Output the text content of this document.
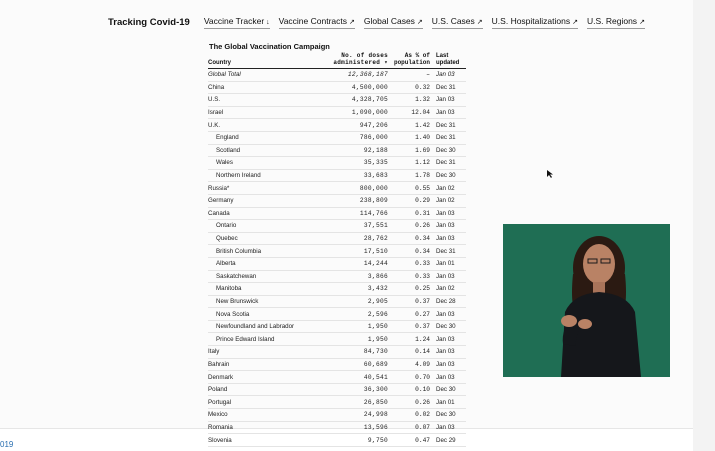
Tracking Covid-19 Vaccine Tracker ↓ Vaccine Contracts ↗ Global Cases ↗ U.S. Cases ↗ U.S. Hospitalizations ↗ U.S. Regions ↗
The Global Vaccination Campaign
Country	No. of doses administered ▾	As % of population	Last updated
Global Total	12,368,187	–	Jan 03
China	4,500,000	0.32	Dec 31
U.S.	4,328,705	1.32	Jan 03
Israel	1,090,000	12.04	Jan 03
U.K.	947,206	1.42	Dec 31
England	786,000	1.40	Dec 31
Scotland	92,188	1.69	Dec 30
Wales	35,335	1.12	Dec 31
Northern Ireland	33,683	1.78	Dec 30
Russia*	800,000	0.55	Jan 02
Germany	238,809	0.29	Jan 02
Canada	114,766	0.31	Jan 03
Ontario	37,551	0.26	Jan 03
Quebec	28,762	0.34	Jan 03
British Columbia	17,510	0.34	Dec 31
Alberta	14,244	0.33	Jan 01
Saskatchewan	3,866	0.33	Jan 03
Manitoba	3,432	0.25	Jan 02
New Brunswick	2,905	0.37	Dec 28
Nova Scotia	2,596	0.27	Jan 03
Newfoundland and Labrador	1,950	0.37	Dec 30
Prince Edward Island	1,950	1.24	Jan 03
Italy	84,730	0.14	Jan 03
Bahrain	60,689	4.09	Jan 03
Denmark	40,541	0.70	Jan 03
Poland	36,300	0.10	Dec 30
Portugal	26,850	0.26	Jan 01
Mexico	24,998	0.02	Dec 30
Romania	13,596	0.07	Jan 03
Slovenia	9,750	0.47	Dec 29
019
